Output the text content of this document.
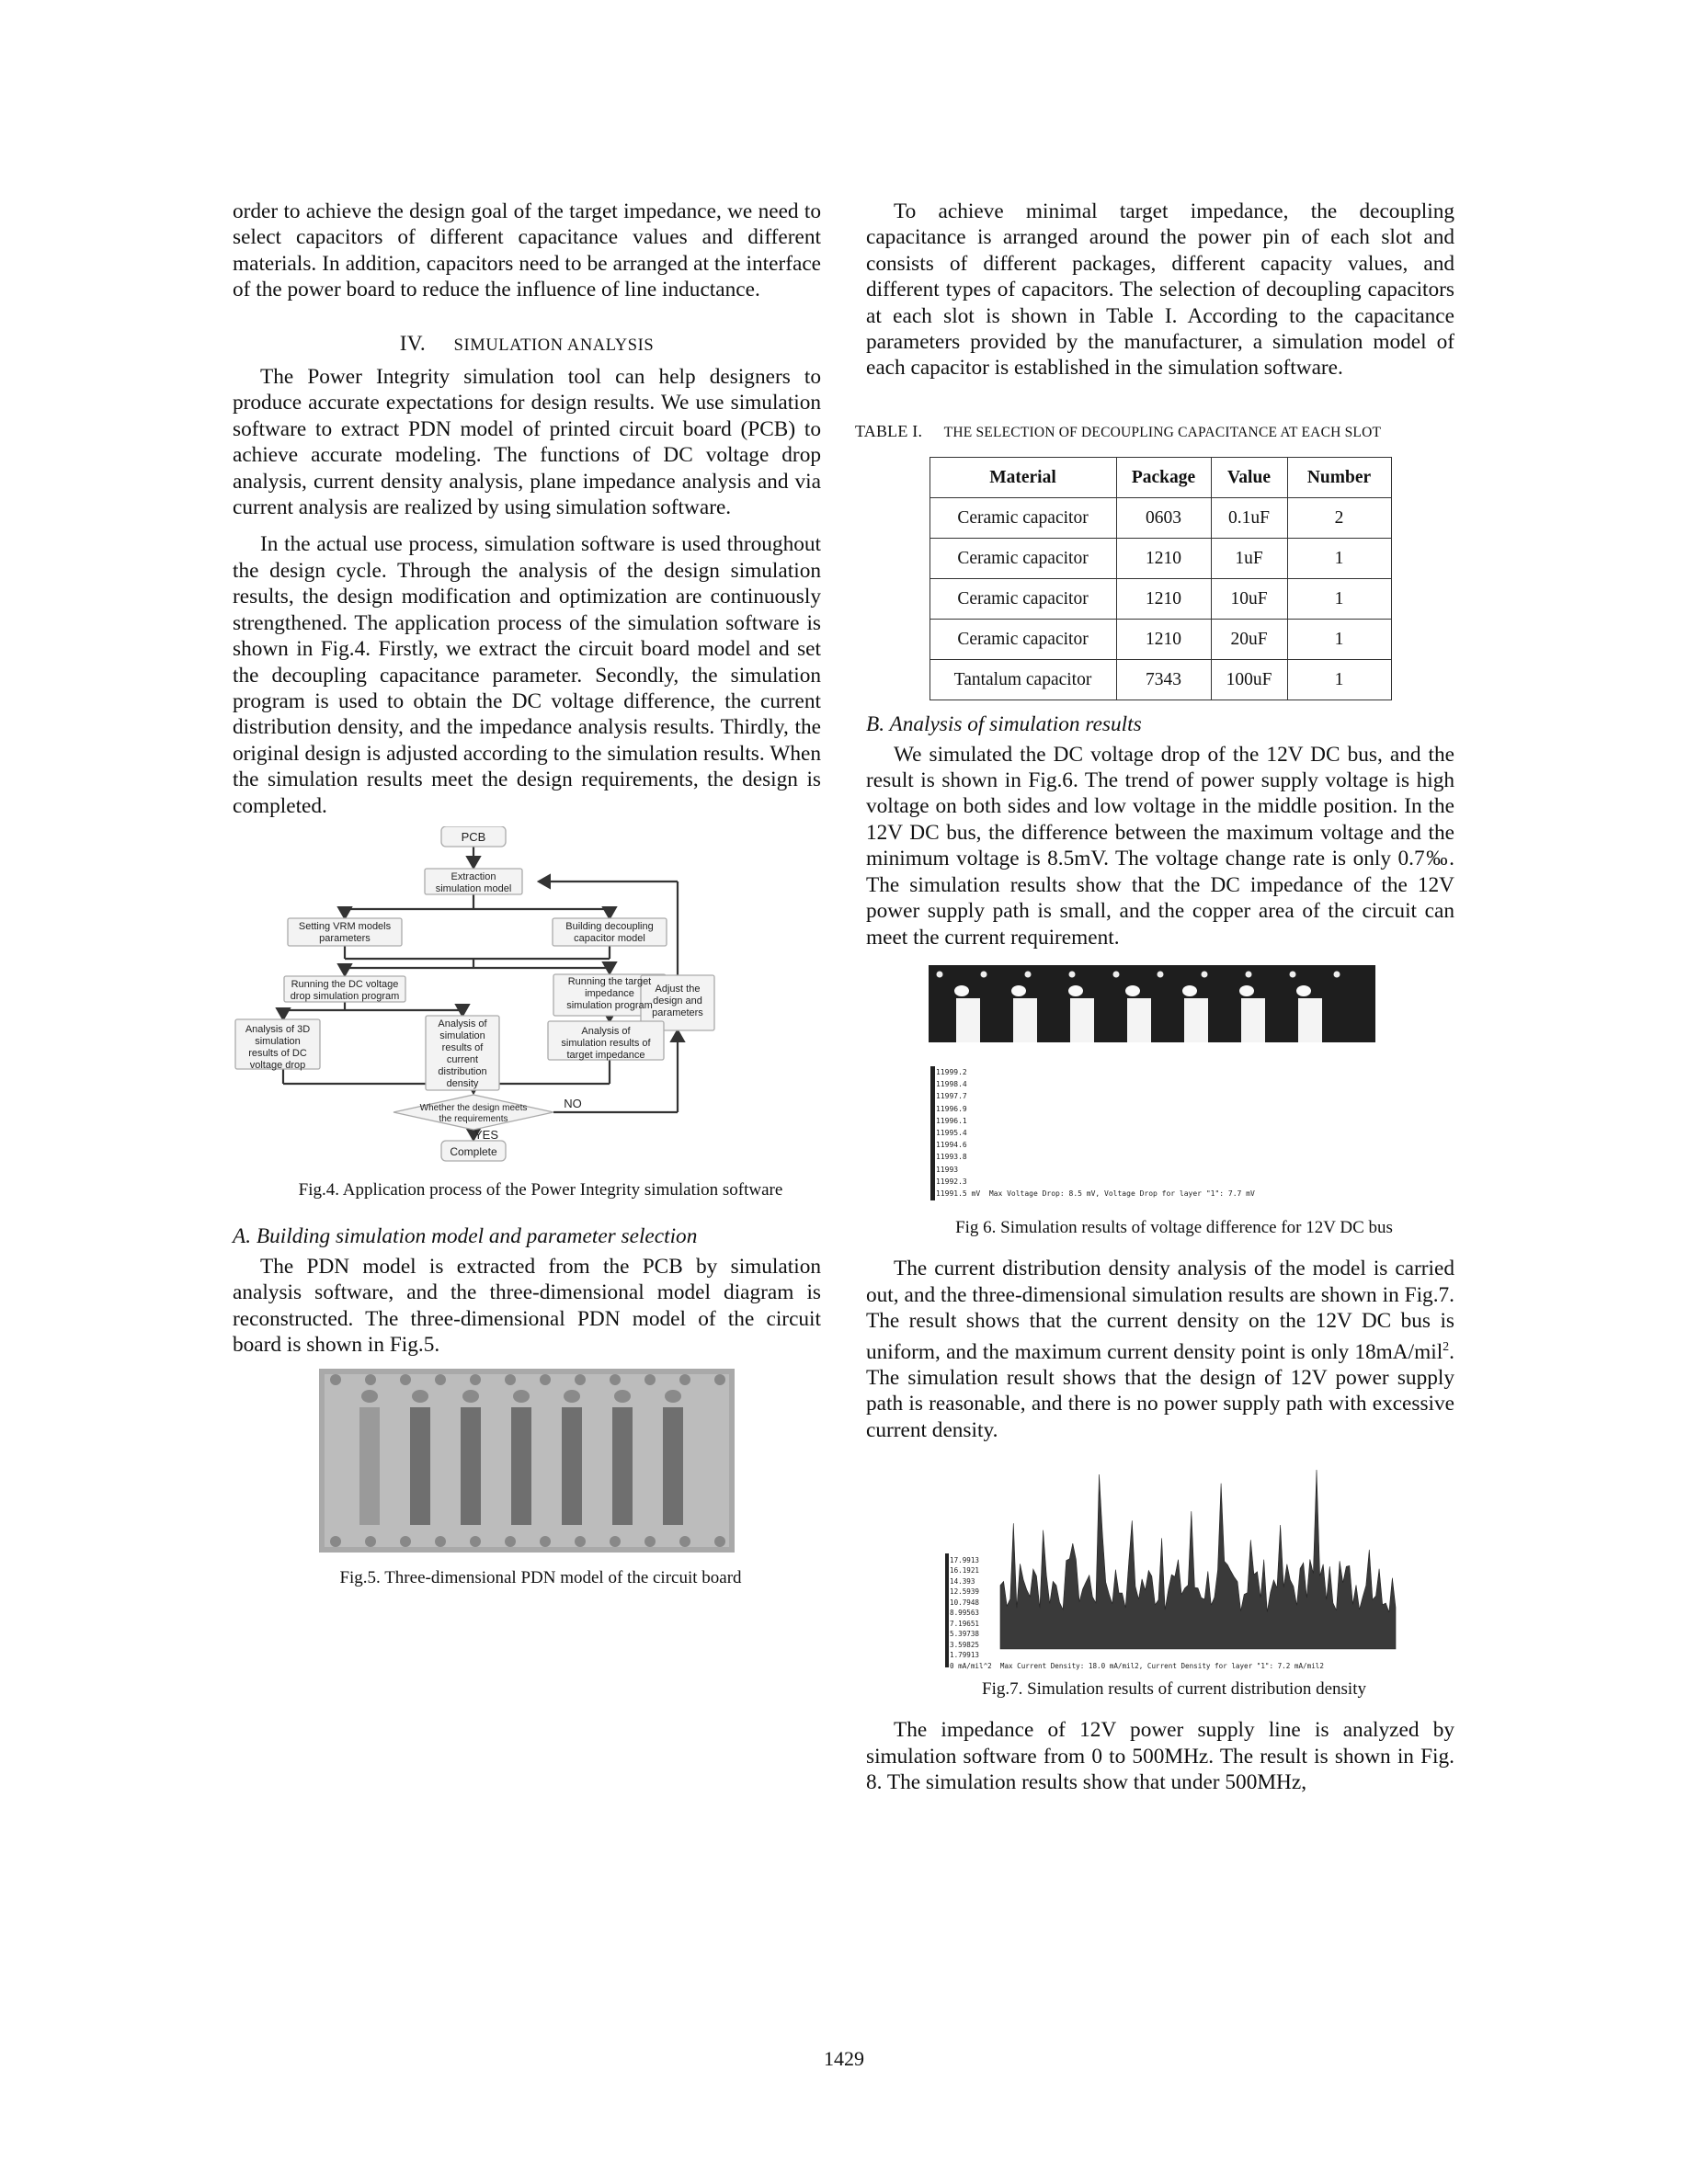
order to achieve the design goal of the target impedance, we need to select capacitors of different capacitance values and different materials. In addition, capacitors need to be arranged at the interface of the power board to reduce the influence of line inductance.

IV. SIMULATION ANALYSIS

The Power Integrity simulation tool can help designers to produce accurate expectations for design results. We use simulation software to extract PDN model of printed circuit board (PCB) to achieve accurate modeling. The functions of DC voltage drop analysis, current density analysis, plane impedance analysis and via current analysis are realized by using simulation software.

In the actual use process, simulation software is used throughout the design cycle. Through the analysis of the design simulation results, the design modification and optimization are continuously strengthened. The application process of the simulation software is shown in Fig.4. Firstly, we extract the circuit board model and set the decoupling capacitance parameter. Secondly, the simulation program is used to obtain the DC voltage difference, the current distribution density, and the impedance analysis results. Thirdly, the original design is adjusted according to the simulation results. When the simulation results meet the design requirements, the design is completed.

PCB
Extraction simulation model
Setting VRM models parameters
Building decoupling capacitor model
Running the DC voltage drop simulation program
Running the target impedance simulation program
Adjust the design and parameters
Analysis of 3D simulation results of DC voltage drop
Analysis of simulation results of current distribution density
Analysis of simulation results of target impedance
Whether the design meets the requirements
NO
YES
Complete

Fig.4. Application process of the Power Integrity simulation software

A. Building simulation model and parameter selection

The PDN model is extracted from the PCB by simulation analysis software, and the three-dimensional model diagram is reconstructed. The three-dimensional PDN model of the circuit board is shown in Fig.5.

Fig.5. Three-dimensional PDN model of the circuit board

To achieve minimal target impedance, the decoupling capacitance is arranged around the power pin of each slot and consists of different packages, different capacity values, and different types of capacitors. The selection of decoupling capacitors at each slot is shown in Table I. According to the capacitance parameters provided by the manufacturer, a simulation model of each capacitor is established in the simulation software.

TABLE I. THE SELECTION OF DECOUPLING CAPACITANCE AT EACH SLOT
Material	Package	Value	Number
Ceramic capacitor	0603	0.1uF	2
Ceramic capacitor	1210	1uF	1
Ceramic capacitor	1210	10uF	1
Ceramic capacitor	1210	20uF	1
Tantalum capacitor	7343	100uF	1
B. Analysis of simulation results

We simulated the DC voltage drop of the 12V DC bus, and the result is shown in Fig.6. The trend of power supply voltage is high voltage on both sides and low voltage in the middle position. In the 12V DC bus, the difference between the maximum voltage and the minimum voltage is 8.5mV. The voltage change rate is only 0.7‰. The simulation results show that the DC impedance of the 12V power supply path is small, and the copper area of the circuit can meet the current requirement.

11999.2
11998.4
11997.7
11996.9
11996.1
11995.4
11994.6
11993.8
11993
11992.3
11991.5 mV Max Voltage Drop: 8.5 mV, Voltage Drop for layer "1": 7.7 mV

Fig 6. Simulation results of voltage difference for 12V DC bus

The current distribution density analysis of the model is carried out, and the three-dimensional simulation results are shown in Fig.7. The result shows that the current density on the 12V DC bus is uniform, and the maximum current density point is only 18mA/mil$^2$. The simulation result shows that the design of 12V power supply path is reasonable, and there is no power supply path with excessive current density.

17.9913
16.1921
14.393
12.5939
10.7948
8.99563
7.19651
5.39738
3.59825
1.79913
0 mA/mil^2 Max Current Density: 18.0 mA/mil2, Current Density for layer "1": 7.2 mA/mil2

Fig.7. Simulation results of current distribution density

The impedance of 12V power supply line is analyzed by simulation software from 0 to 500MHz. The result is shown in Fig. 8. The simulation results show that under 500MHz,

1429
